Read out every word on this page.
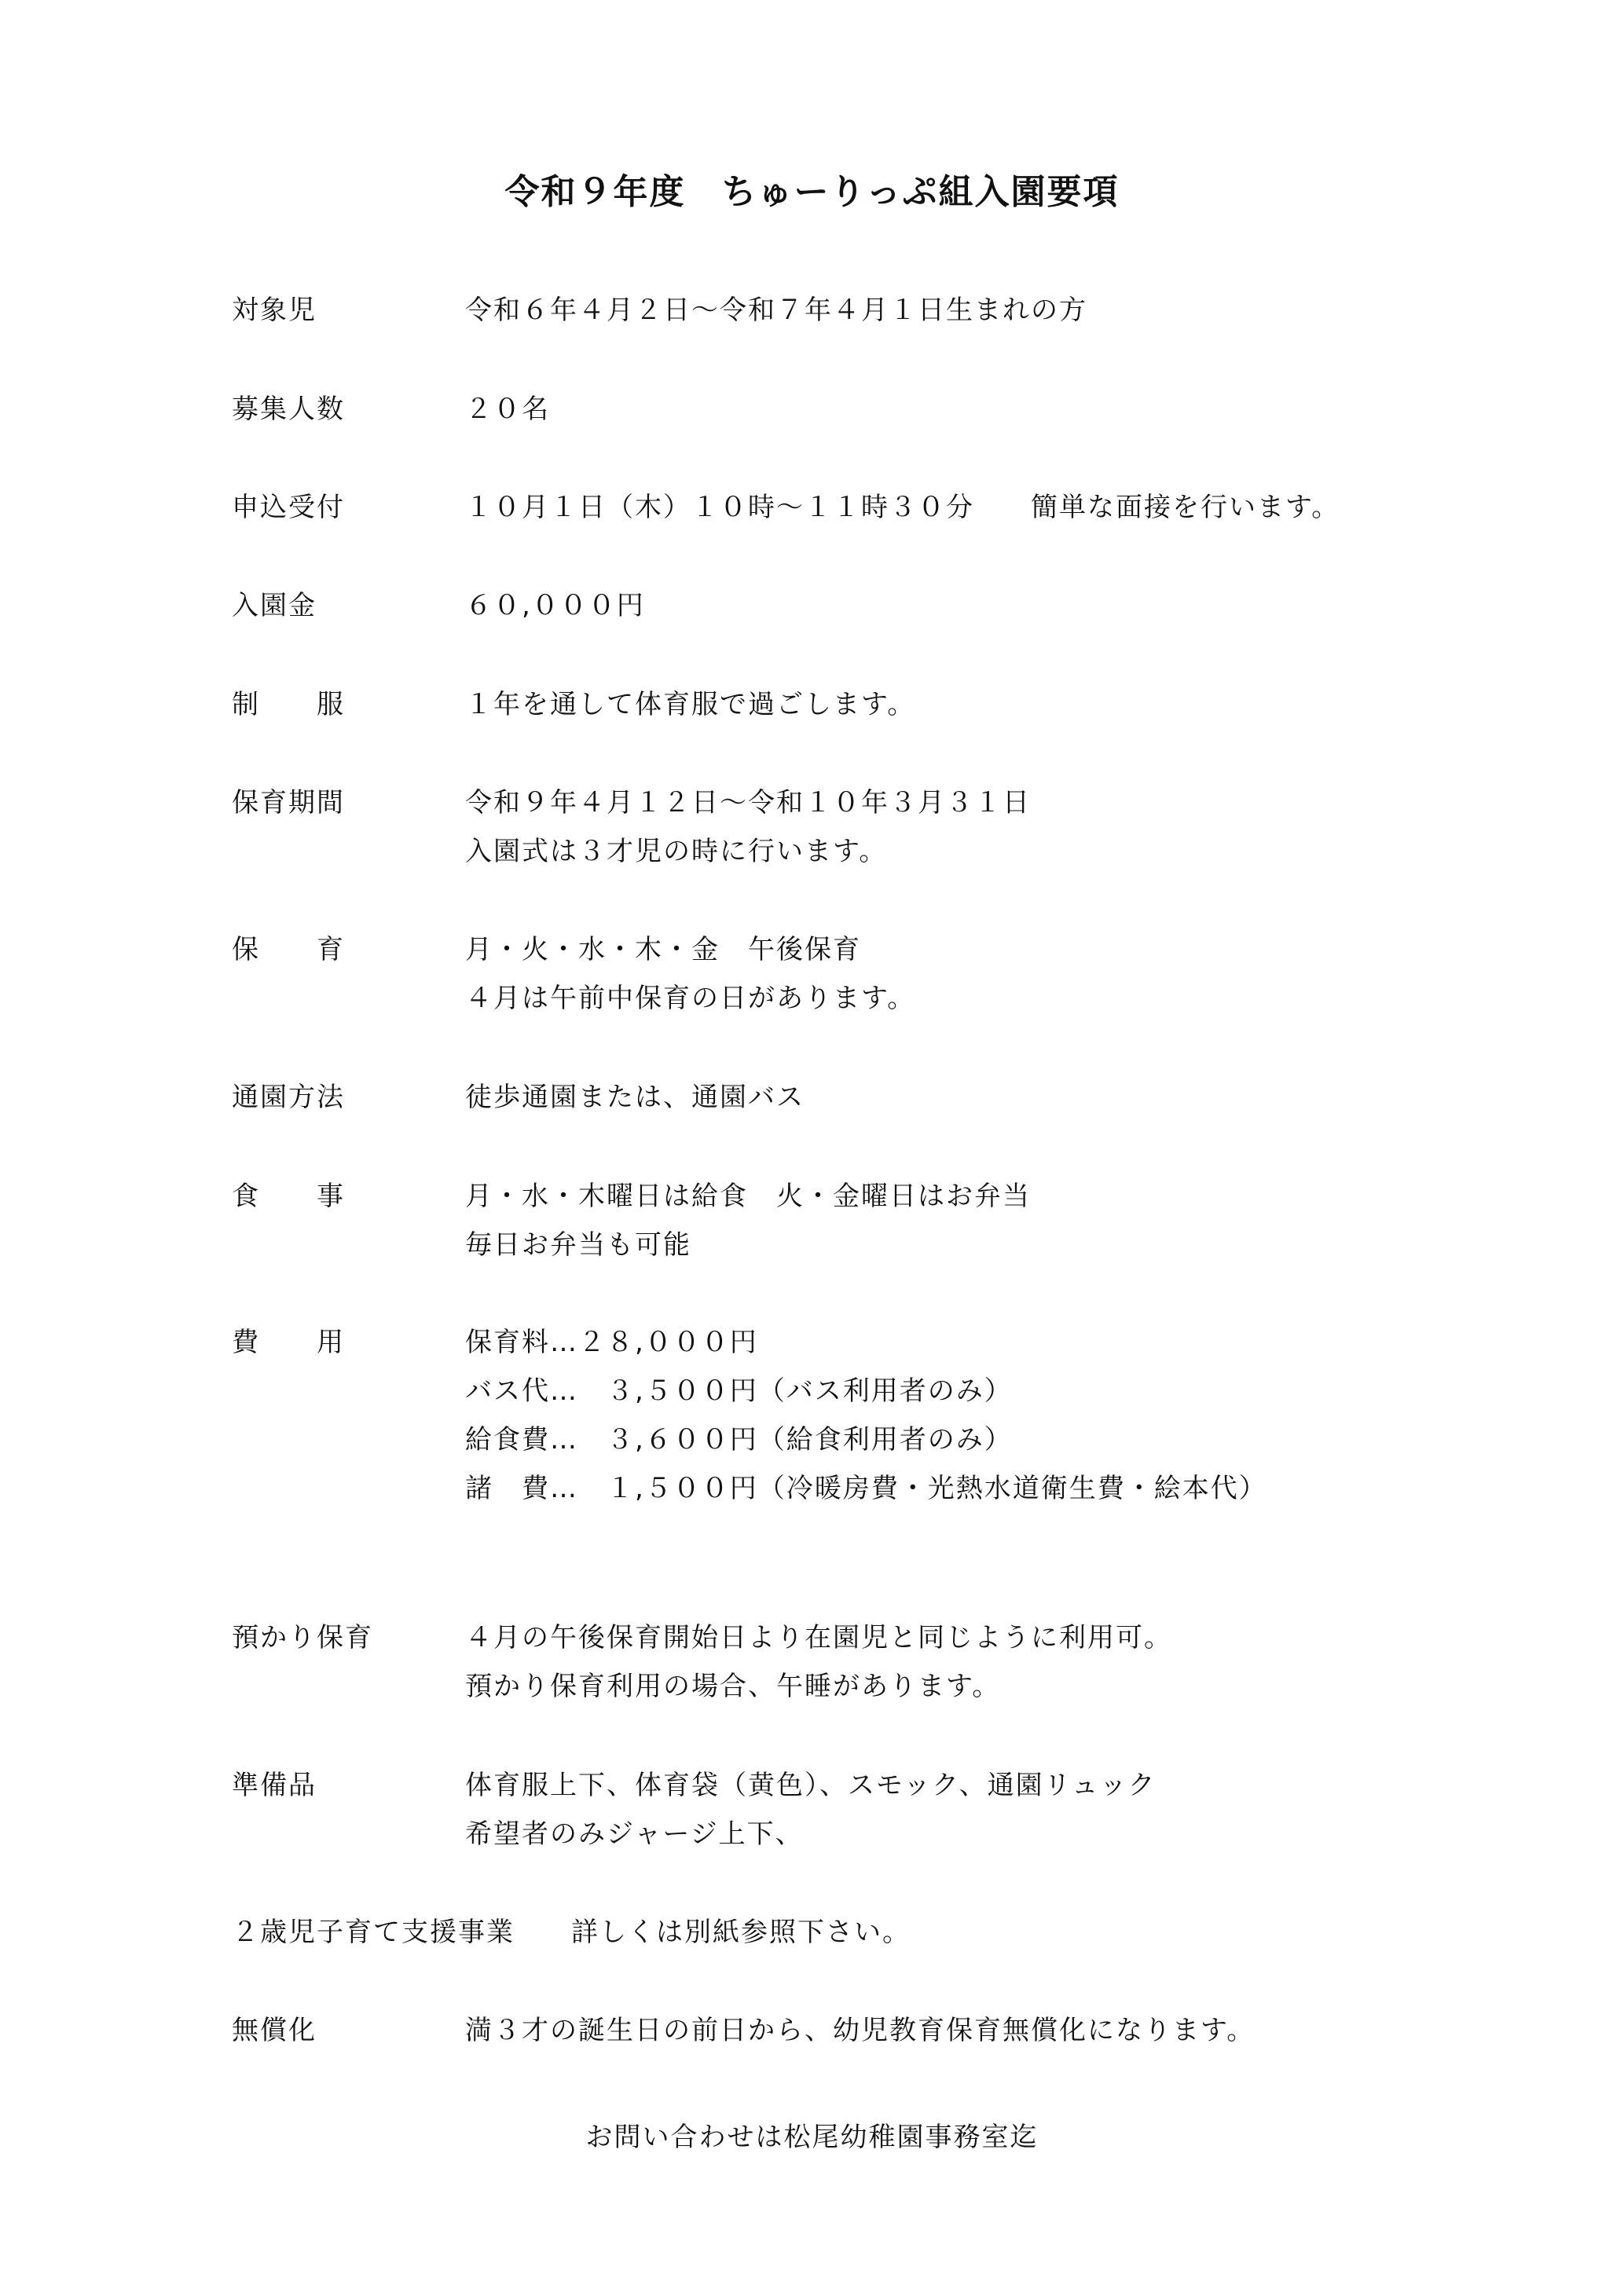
令和９年度　ちゅーりっぷ組入園要項
対象児	令和６年４月２日～令和７年４月１日生まれの方
募集人数	２０名
申込受付	１０月１日（木）１０時～１１時３０分　　簡単な面接を行います。
入園金	６０,０００円
制　　服	１年を通して体育服で過ごします。
保育期間	令和９年４月１２日～令和１０年３月３１日
入園式は３才児の時に行います。
保　　育	月・火・水・木・金　午後保育
４月は午前中保育の日があります。
通園方法	徒歩通園または、通園バス
食　　事	月・水・木曜日は給食　火・金曜日はお弁当
毎日お弁当も可能
費　　用	保育料…２８,０００円
バス代…　３,５００円（バス利用者のみ）
給食費…　３,６００円（給食利用者のみ）
諸　費…　１,５００円（冷暖房費・光熱水道衛生費・絵本代）
預かり保育	４月の午後保育開始日より在園児と同じように利用可。
預かり保育利用の場合、午睡があります。
準備品	体育服上下、体育袋（黄色）、スモック、通園リュック
希望者のみジャージ上下、
２歳児子育て支援事業　　詳しくは別紙参照下さい。
無償化	満３才の誕生日の前日から、幼児教育保育無償化になります。
お問い合わせは松尾幼稚園事務室迄
